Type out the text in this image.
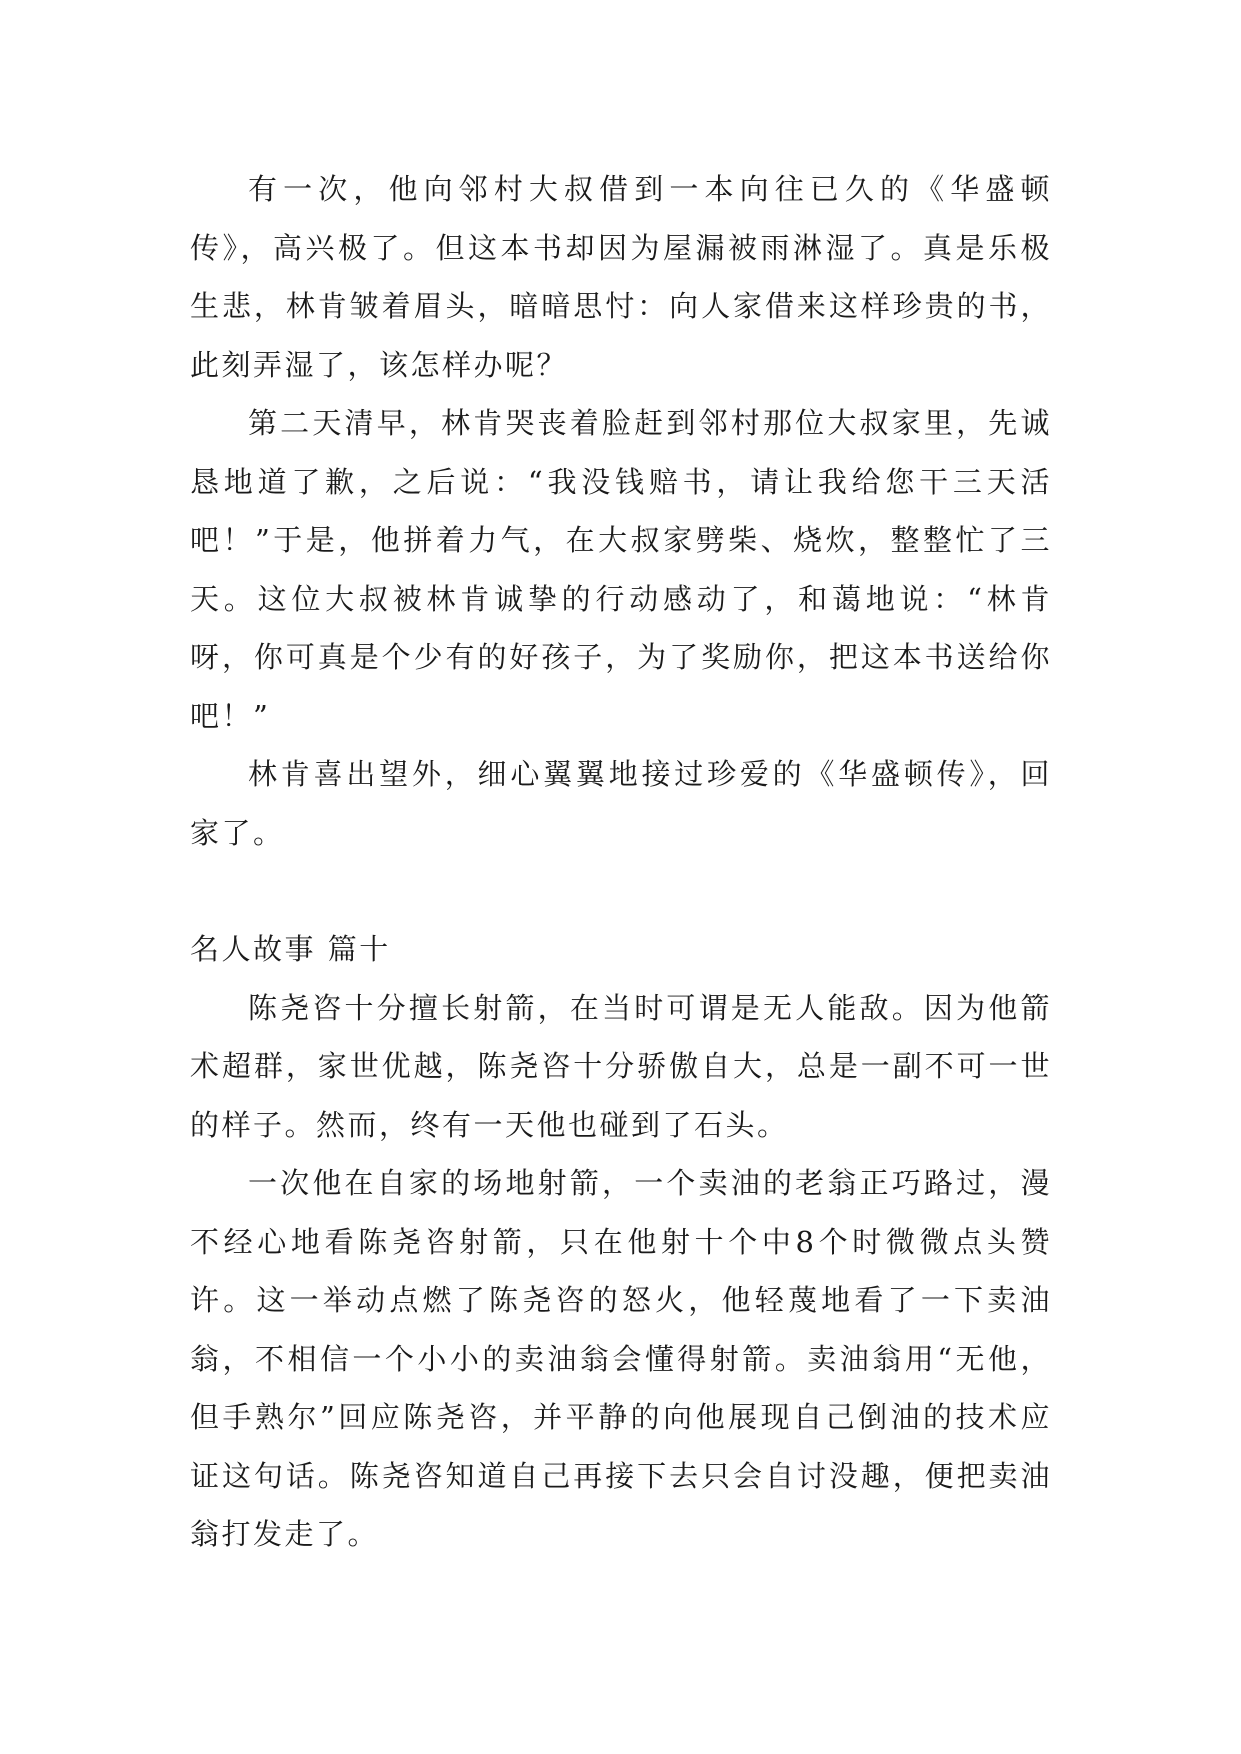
有一次，他向邻村大叔借到一本向往已久的《华盛顿传》，高兴极了。但这本书却因为屋漏被雨淋湿了。真是乐极生悲，林肯皱着眉头，暗暗思忖：向人家借来这样珍贵的书，此刻弄湿了，该怎样办呢？

第二天清早，林肯哭丧着脸赶到邻村那位大叔家里，先诚恳地道了歉，之后说：“我没钱赔书，请让我给您干三天活吧！”于是，他拼着力气，在大叔家劈柴、烧炊，整整忙了三天。这位大叔被林肯诚挚的行动感动了，和蔼地说：“林肯呀，你可真是个少有的好孩子，为了奖励你，把这本书送给你吧！”

林肯喜出望外，细心翼翼地接过珍爱的《华盛顿传》，回家了。

名人故事 篇十

陈尧咨十分擅长射箭，在当时可谓是无人能敌。因为他箭术超群，家世优越，陈尧咨十分骄傲自大，总是一副不可一世的样子。然而，终有一天他也碰到了石头。

一次他在自家的场地射箭，一个卖油的老翁正巧路过，漫不经心地看陈尧咨射箭，只在他射十个中8个时微微点头赞许。这一举动点燃了陈尧咨的怒火，他轻蔑地看了一下卖油翁，不相信一个小小的卖油翁会懂得射箭。卖油翁用“无他，但手熟尔”回应陈尧咨，并平静的向他展现自己倒油的技术应证这句话。陈尧咨知道自己再接下去只会自讨没趣，便把卖油翁打发走了。
